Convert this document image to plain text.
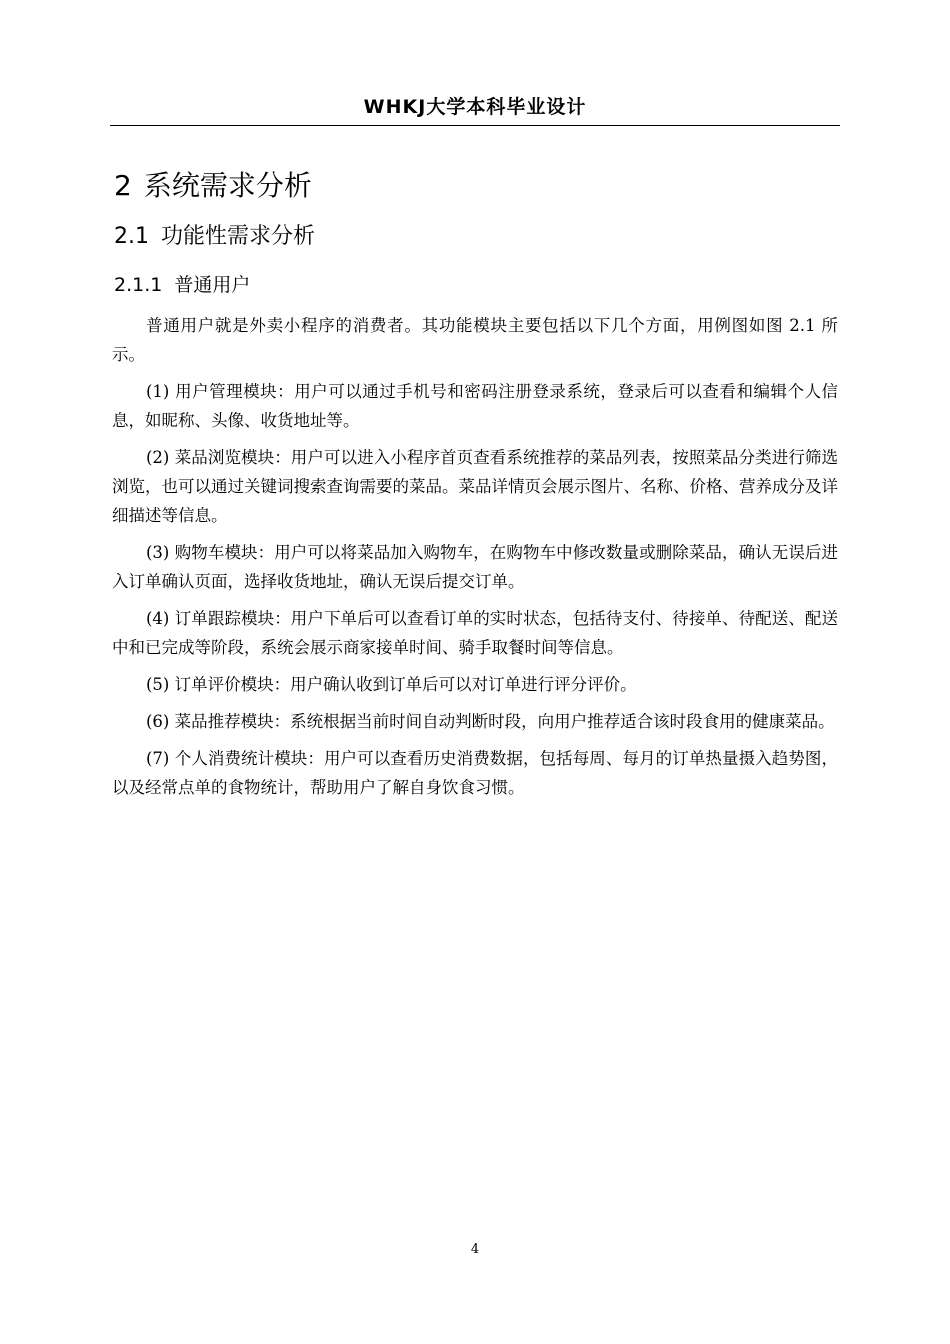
WHKJ大学本科毕业设计
2 系统需求分析
2.1 功能性需求分析
2.1.1 普通用户

普通用户就是外卖小程序的消费者。其功能模块主要包括以下几个方面，用例图如图 2.1 所示。

(1) 用户管理模块：用户可以通过手机号和密码注册登录系统，登录后可以查看和编辑个人信息，如昵称、头像、收货地址等。

(2) 菜品浏览模块：用户可以进入小程序首页查看系统推荐的菜品列表，按照菜品分类进行筛选浏览，也可以通过关键词搜索查询需要的菜品。菜品详情页会展示图片、名称、价格、营养成分及详细描述等信息。

(3) 购物车模块：用户可以将菜品加入购物车，在购物车中修改数量或删除菜品，确认无误后进入订单确认页面，选择收货地址，确认无误后提交订单。

(4) 订单跟踪模块：用户下单后可以查看订单的实时状态，包括待支付、待接单、待配送、配送中和已完成等阶段，系统会展示商家接单时间、骑手取餐时间等信息。

(5) 订单评价模块：用户确认收到订单后可以对订单进行评分评价。

(6) 菜品推荐模块：系统根据当前时间自动判断时段，向用户推荐适合该时段食用的健康菜品。

(7) 个人消费统计模块：用户可以查看历史消费数据，包括每周、每月的订单热量摄入趋势图，以及经常点单的食物统计，帮助用户了解自身饮食习惯。

4
